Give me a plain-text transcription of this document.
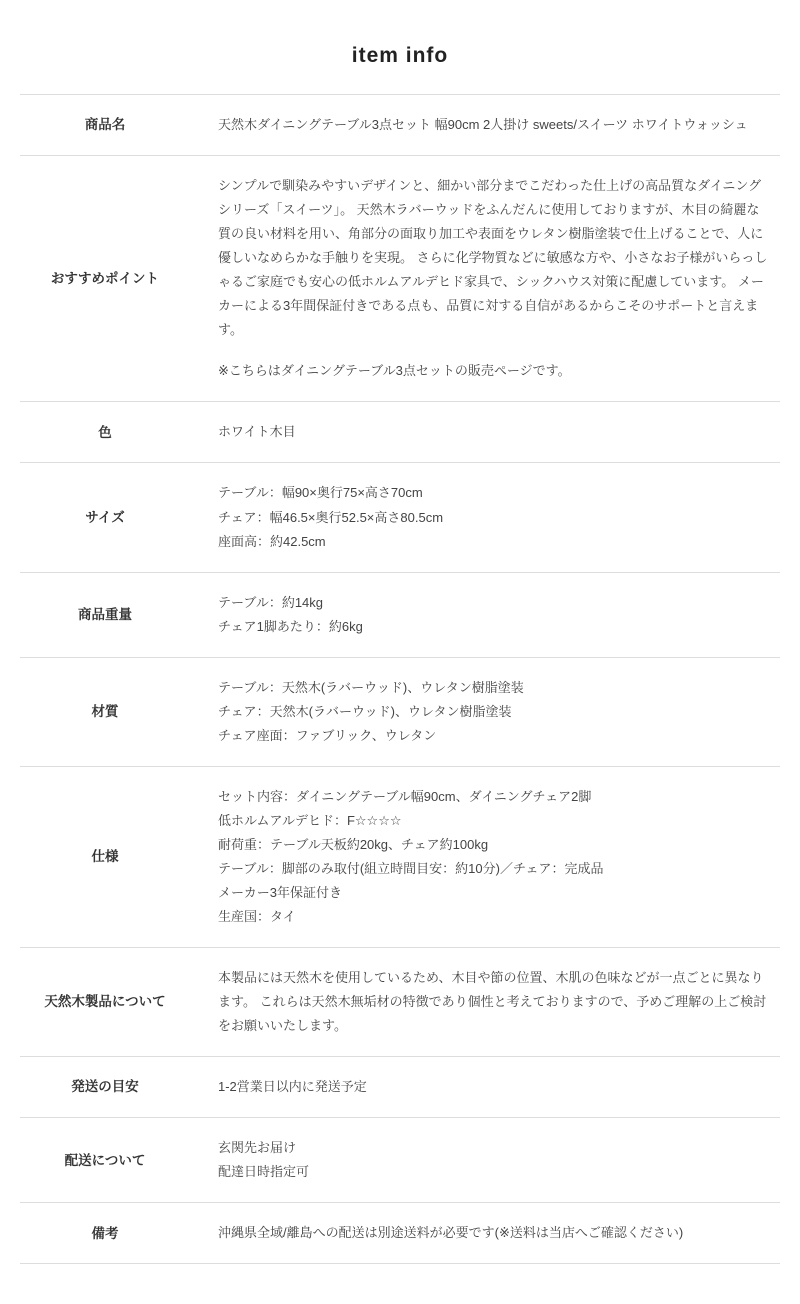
item info
商品名	天然木ダイニングテーブル3点セット 幅90cm 2人掛け sweets/スイーツ ホワイトウォッシュ

おすすめポイント	シンプルで馴染みやすいデザインと、細かい部分までこだわった仕上げの高品質なダイニングシリーズ「スイーツ」。 天然木ラバーウッドをふんだんに使用しておりますが、木目の綺麗な質の良い材料を用い、角部分の面取り加工や表面をウレタン樹脂塗装で仕上げることで、人に優しいなめらかな手触りを実現。 さらに化学物質などに敏感な方や、小さなお子様がいらっしゃるご家庭でも安心の低ホルムアルデヒド家具で、シックハウス対策に配慮しています。 メーカーによる3年間保証付きである点も、品質に対する自信があるからこそのサポートと言えます。
※こちらはダイニングテーブル3点セットの販売ページです。

色	ホワイト木目

サイズ	テーブル：幅90×奥行75×高さ70cm
チェア：幅46.5×奥行52.5×高さ80.5cm
座面高：約42.5cm

商品重量	テーブル：約14kg
チェア1脚あたり：約6kg

材質	テーブル：天然木(ラバーウッド)、ウレタン樹脂塗装
チェア：天然木(ラバーウッド)、ウレタン樹脂塗装
チェア座面：ファブリック、ウレタン

仕様	
セット内容：ダイニングテーブル幅90cm、ダイニングチェア2脚
低ホルムアルデヒド：F☆☆☆☆
耐荷重：テーブル天板約20kg、チェア約100kg
テーブル：脚部のみ取付(組立時間目安：約10分)／チェア：完成品
メーカー3年保証付き
生産国：タイ

天然木製品について	本製品には天然木を使用しているため、木目や節の位置、木肌の色味などが一点ごとに異なります。 これらは天然木無垢材の特徴であり個性と考えておりますので、予めご理解の上ご検討をお願いいたします。

発送の目安	1-2営業日以内に発送予定

配送について	玄関先お届け
配達日時指定可

備考	沖縄県全域/離島への配送は別途送料が必要です(※送料は当店へご確認ください)
